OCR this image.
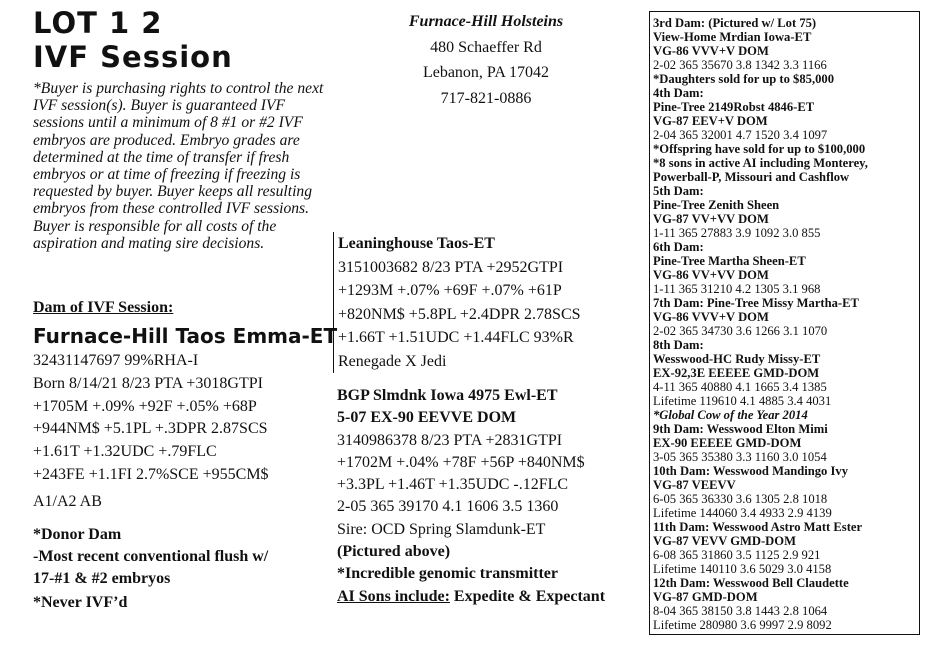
LOT 1 2
IVF Session
*Buyer is purchasing rights to control the next IVF session(s). Buyer is guaranteed IVF sessions until a minimum of 8 #1 or #2 IVF embryos are produced. Embryo grades are determined at the time of transfer if fresh embryos or at time of freezing if freezing is requested by buyer. Buyer keeps all resulting embryos from these controlled IVF sessions. Buyer is responsible for all costs of the aspiration and mating sire decisions.
Dam of IVF Session:
Furnace-Hill Taos Emma-ET
32431147697 99%RHA-I
Born 8/14/21 8/23 PTA +3018GTPI
+1705M +.09% +92F +.05% +68P
+944NM$ +5.1PL +.3DPR 2.87SCS
+1.61T +1.32UDC +.79FLC
+243FE +1.1FI 2.7%SCE +955CM$
A1/A2 AB
*Donor Dam
-Most recent conventional flush w/
17-#1 & #2 embryos
*Never IVF’d
Furnace-Hill Holsteins
480 Schaeffer Rd
Lebanon, PA 17042
717-821-0886
Leaninghouse Taos-ET
3151003682 8/23 PTA +2952GTPI
+1293M +.07% +69F +.07% +61P
+820NM$ +5.8PL +2.4DPR 2.78SCS
+1.66T +1.51UDC +1.44FLC 93%R
Renegade X Jedi
BGP Slmdnk Iowa 4975 Ewl-ET
5-07 EX-90 EEVVE DOM
3140986378 8/23 PTA +2831GTPI
+1702M +.04% +78F +56P +840NM$
+3.3PL +1.46T +1.35UDC -.12FLC
2-05 365 39170 4.1 1606 3.5 1360
Sire: OCD Spring Slamdunk-ET
(Pictured above)
*Incredible genomic transmitter
AI Sons include: Expedite & Expectant
3rd Dam: (Pictured w/ Lot 75)
View-Home Mrdian Iowa-ET
VG-86 VVV+V DOM
2-02 365 35670 3.8 1342 3.3 1166
*Daughters sold for up to $85,000
4th Dam:
Pine-Tree 2149Robst 4846-ET
VG-87 EEV+V DOM
2-04 365 32001 4.7 1520 3.4 1097
*Offspring have sold for up to $100,000
*8 sons in active AI including Monterey,
Powerball-P, Missouri and Cashflow
5th Dam:
Pine-Tree Zenith Sheen
VG-87 VV+VV DOM
1-11 365 27883 3.9 1092 3.0 855
6th Dam:
Pine-Tree Martha Sheen-ET
VG-86 VV+VV DOM
1-11 365 31210 4.2 1305 3.1 968
7th Dam: Pine-Tree Missy Martha-ET
VG-86 VVV+V DOM
2-02 365 34730 3.6 1266 3.1 1070
8th Dam:
Wesswood-HC Rudy Missy-ET
EX-92,3E EEEEE GMD-DOM
4-11 365 40880 4.1 1665 3.4 1385
Lifetime 119610 4.1 4885 3.4 4031
*Global Cow of the Year 2014
9th Dam: Wesswood Elton Mimi
EX-90 EEEEE GMD-DOM
3-05 365 35380 3.3 1160 3.0 1054
10th Dam: Wesswood Mandingo Ivy
VG-87 VEEVV
6-05 365 36330 3.6 1305 2.8 1018
Lifetime 144060 3.4 4933 2.9 4139
11th Dam: Wesswood Astro Matt Ester
VG-87 VEVV GMD-DOM
6-08 365 31860 3.5 1125 2.9 921
Lifetime 140110 3.6 5029 3.0 4158
12th Dam: Wesswood Bell Claudette
VG-87 GMD-DOM
8-04 365 38150 3.8 1443 2.8 1064
Lifetime 280980 3.6 9997 2.9 8092
